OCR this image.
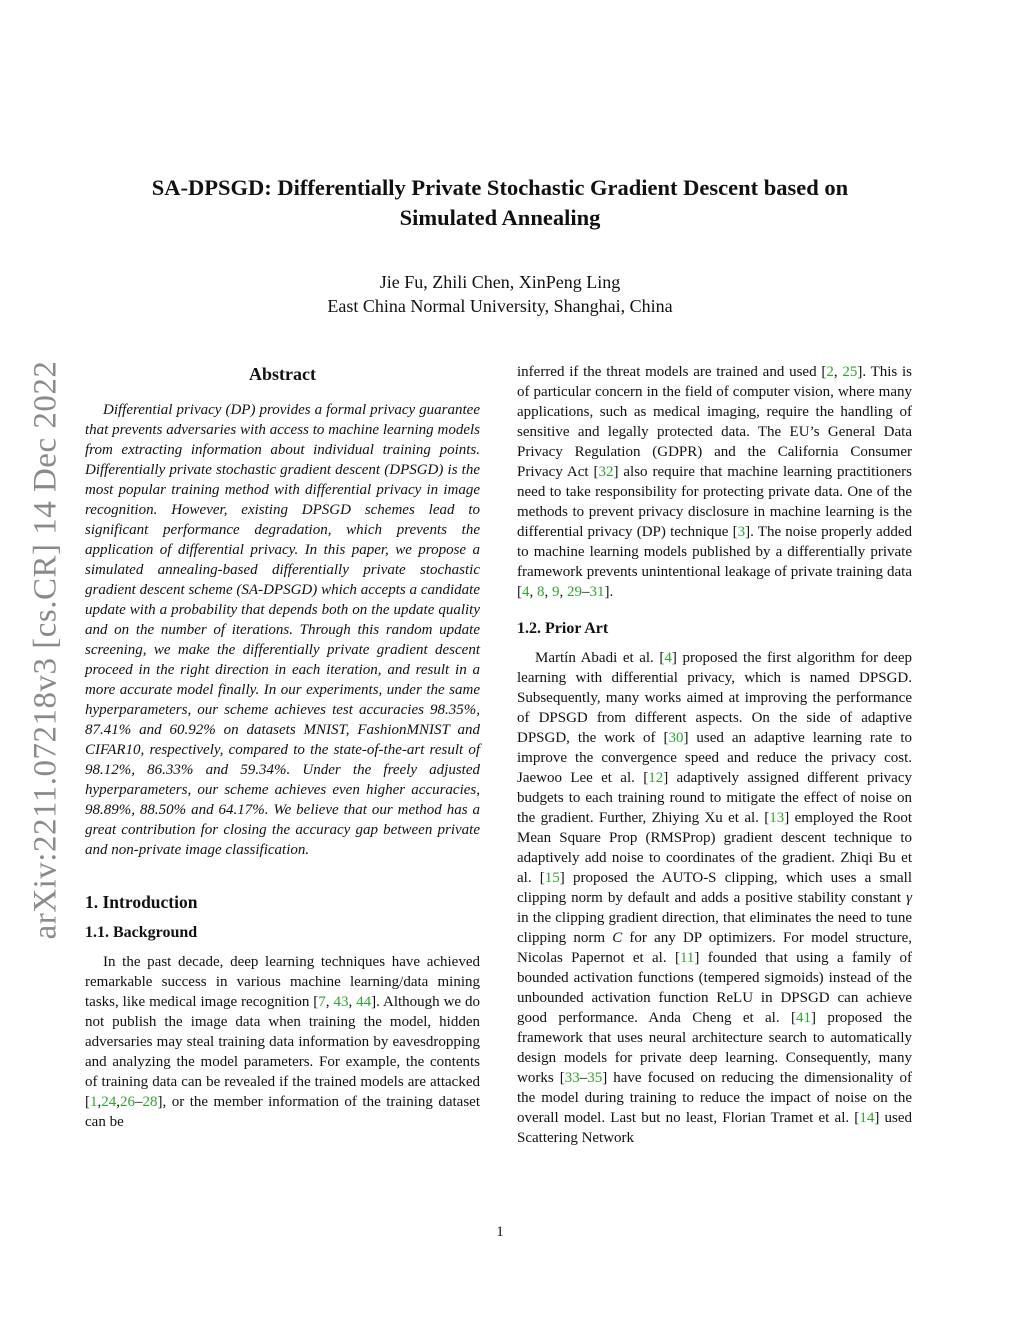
arXiv:2211.07218v3 [cs.CR] 14 Dec 2022
SA-DPSGD: Differentially Private Stochastic Gradient Descent based on
Simulated Annealing
Jie Fu, Zhili Chen, XinPeng Ling
East China Normal University, Shanghai, China
Abstract

Differential privacy (DP) provides a formal privacy guarantee that prevents adversaries with access to machine learning models from extracting information about individual training points. Differentially private stochastic gradient descent (DPSGD) is the most popular training method with differential privacy in image recognition. However, existing DPSGD schemes lead to significant performance degradation, which prevents the application of differential privacy. In this paper, we propose a simulated annealing-based differentially private stochastic gradient descent scheme (SA-DPSGD) which accepts a candidate update with a probability that depends both on the update quality and on the number of iterations. Through this random update screening, we make the differentially private gradient descent proceed in the right direction in each iteration, and result in a more accurate model finally. In our experiments, under the same hyperparameters, our scheme achieves test accuracies 98.35%, 87.41% and 60.92% on datasets MNIST, FashionMNIST and CIFAR10, respectively, compared to the state-of-the-art result of 98.12%, 86.33% and 59.34%. Under the freely adjusted hyperparameters, our scheme achieves even higher accuracies, 98.89%, 88.50% and 64.17%. We believe that our method has a great contribution for closing the accuracy gap between private and non-private image classification.

1. Introduction
1.1. Background

In the past decade, deep learning techniques have achieved remarkable success in various machine learning/data mining tasks, like medical image recognition [7, 43, 44]. Although we do not publish the image data when training the model, hidden adversaries may steal training data information by eavesdropping and analyzing the model parameters. For example, the contents of training data can be revealed if the trained models are attacked [1,24,26–28], or the member information of the training dataset can be

inferred if the threat models are trained and used [2, 25]. This is of particular concern in the field of computer vision, where many applications, such as medical imaging, require the handling of sensitive and legally protected data. The EU’s General Data Privacy Regulation (GDPR) and the California Consumer Privacy Act [32] also require that machine learning practitioners need to take responsibility for protecting private data. One of the methods to prevent privacy disclosure in machine learning is the differential privacy (DP) technique [3]. The noise properly added to machine learning models published by a differentially private framework prevents unintentional leakage of private training data [4, 8, 9, 29–31].

1.2. Prior Art

Martín Abadi et al. [4] proposed the first algorithm for deep learning with differential privacy, which is named DPSGD. Subsequently, many works aimed at improving the performance of DPSGD from different aspects. On the side of adaptive DPSGD, the work of [30] used an adaptive learning rate to improve the convergence speed and reduce the privacy cost. Jaewoo Lee et al. [12] adaptively assigned different privacy budgets to each training round to mitigate the effect of noise on the gradient. Further, Zhiying Xu et al. [13] employed the Root Mean Square Prop (RMSProp) gradient descent technique to adaptively add noise to coordinates of the gradient. Zhiqi Bu et al. [15] proposed the AUTO-S clipping, which uses a small clipping norm by default and adds a positive stability constant γ in the clipping gradient direction, that eliminates the need to tune clipping norm C for any DP optimizers. For model structure, Nicolas Papernot et al. [11] founded that using a family of bounded activation functions (tempered sigmoids) instead of the unbounded activation function ReLU in DPSGD can achieve good performance. Anda Cheng et al. [41] proposed the framework that uses neural architecture search to automatically design models for private deep learning. Consequently, many works [33–35] have focused on reducing the dimensionality of the model during training to reduce the impact of noise on the overall model. Last but no least, Florian Tramet et al. [14] used Scattering Network

1
